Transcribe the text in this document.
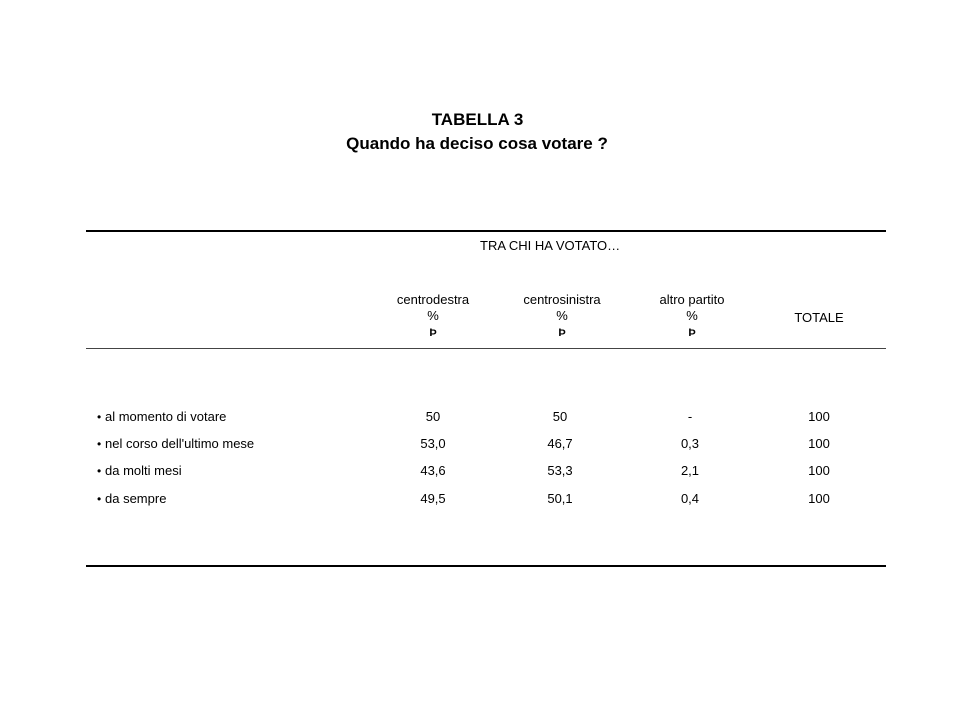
TABELLA 3
Quando ha deciso cosa votare ?
TRA CHI HA VOTATO…
centrodestra
%
Þ
centrosinistra
%
Þ
altro partito
%
Þ
TOTALE
• al momento di votare	50	50	-	100
• nel corso dell'ultimo mese	53,0	46,7	0,3	100
• da molti mesi	43,6	53,3	2,1	100
• da sempre	49,5	50,1	0,4	100
